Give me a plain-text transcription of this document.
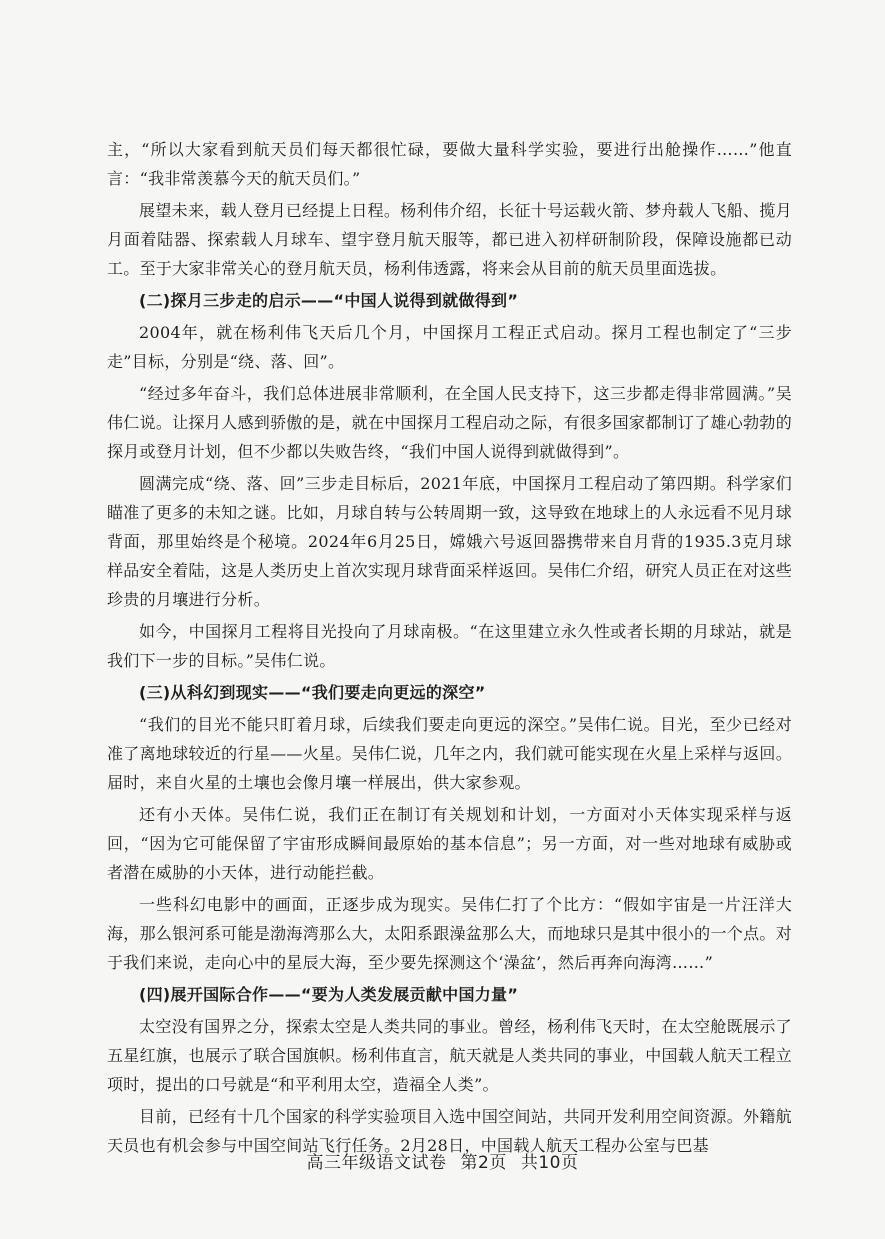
主，“所以大家看到航天员们每天都很忙碌，要做大量科学实验，要进行出舱操作……”他直言：“我非常羡慕今天的航天员们。”

展望未来，载人登月已经提上日程。杨利伟介绍，长征十号运载火箭、梦舟载人飞船、揽月月面着陆器、探索载人月球车、望宇登月航天服等，都已进入初样研制阶段，保障设施都已动工。至于大家非常关心的登月航天员，杨利伟透露，将来会从目前的航天员里面选拔。

(二)探月三步走的启示——“中国人说得到就做得到”

2004年，就在杨利伟飞天后几个月，中国探月工程正式启动。探月工程也制定了“三步走”目标，分别是“绕、落、回”。

“经过多年奋斗，我们总体进展非常顺利，在全国人民支持下，这三步都走得非常圆满。”吴伟仁说。让探月人感到骄傲的是，就在中国探月工程启动之际，有很多国家都制订了雄心勃勃的探月或登月计划，但不少都以失败告终，“我们中国人说得到就做得到”。

圆满完成“绕、落、回”三步走目标后，2021年底，中国探月工程启动了第四期。科学家们瞄准了更多的未知之谜。比如，月球自转与公转周期一致，这导致在地球上的人永远看不见月球背面，那里始终是个秘境。2024年6月25日，嫦娥六号返回器携带来自月背的1935.3克月球样品安全着陆，这是人类历史上首次实现月球背面采样返回。吴伟仁介绍，研究人员正在对这些珍贵的月壤进行分析。

如今，中国探月工程将目光投向了月球南极。“在这里建立永久性或者长期的月球站，就是我们下一步的目标。”吴伟仁说。

(三)从科幻到现实——“我们要走向更远的深空”

“我们的目光不能只盯着月球，后续我们要走向更远的深空。”吴伟仁说。目光，至少已经对准了离地球较近的行星——火星。吴伟仁说，几年之内，我们就可能实现在火星上采样与返回。届时，来自火星的土壤也会像月壤一样展出，供大家参观。

还有小天体。吴伟仁说，我们正在制订有关规划和计划，一方面对小天体实现采样与返回，“因为它可能保留了宇宙形成瞬间最原始的基本信息”；另一方面，对一些对地球有威胁或者潜在威胁的小天体，进行动能拦截。

一些科幻电影中的画面，正逐步成为现实。吴伟仁打了个比方：“假如宇宙是一片汪洋大海，那么银河系可能是渤海湾那么大，太阳系跟澡盆那么大，而地球只是其中很小的一个点。对于我们来说，走向心中的星辰大海，至少要先探测这个‘澡盆’，然后再奔向海湾……”

(四)展开国际合作——“要为人类发展贡献中国力量”

太空没有国界之分，探索太空是人类共同的事业。曾经，杨利伟飞天时，在太空舱既展示了五星红旗，也展示了联合国旗帜。杨利伟直言，航天就是人类共同的事业，中国载人航天工程立项时，提出的口号就是“和平利用太空，造福全人类”。

目前，已经有十几个国家的科学实验项目入选中国空间站，共同开发利用空间资源。外籍航天员也有机会参与中国空间站飞行任务。2月28日，中国载人航天工程办公室与巴基

高三年级语文试卷 第2页 共10页
